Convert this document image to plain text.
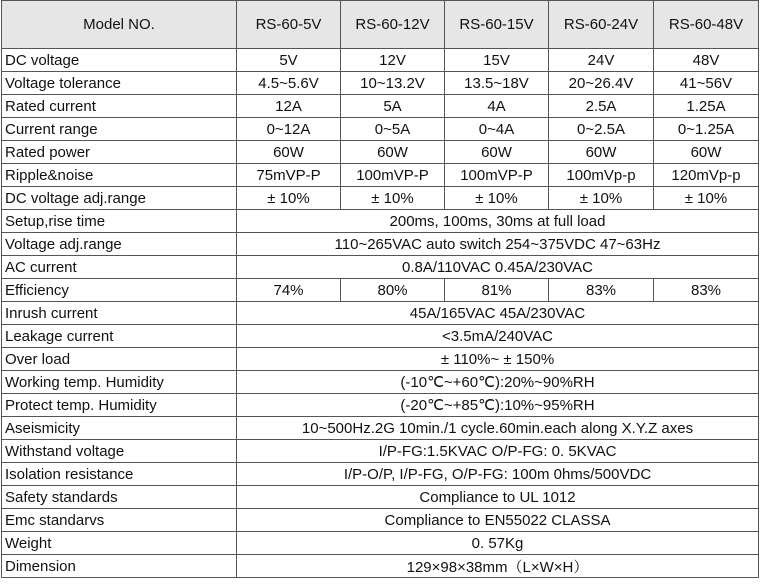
Model NO.	RS-60-5V	RS-60-12V	RS-60-15V	RS-60-24V	RS-60-48V
DC voltage	5V	12V	15V	24V	48V
Voltage tolerance	4.5~5.6V	10~13.2V	13.5~18V	20~26.4V	41~56V
Rated current	12A	5A	4A	2.5A	1.25A
Current range	0~12A	0~5A	0~4A	0~2.5A	0~1.25A
Rated power	60W	60W	60W	60W	60W
Ripple&noise	75mVP-P	100mVP-P	100mVP-P	100mVp-p	120mVp-p
DC voltage adj.range	± 10%	± 10%	± 10%	± 10%	± 10%
Setup,rise time	200ms, 100ms, 30ms at full load				
Voltage adj.range	110~265VAC auto switch 254~375VDC 47~63Hz				
AC current	0.8A/110VAC 0.45A/230VAC				
Efficiency	74%	80%	81%	83%	83%
Inrush current	45A/165VAC 45A/230VAC				
Leakage current	<3.5mA/240VAC				
Over load	± 110%~ ± 150%				
Working temp. Humidity	(-10℃~+60℃):20%~90%RH				
Protect temp. Humidity	(-20℃~+85℃):10%~95%RH				
Aseismicity	10~500Hz.2G 10min./1 cycle.60min.each along X.Y.Z axes				
Withstand voltage	I/P-FG:1.5KVAC O/P-FG: 0. 5KVAC				
Isolation resistance	I/P-O/P, I/P-FG, O/P-FG: 100m 0hms/500VDC				
Safety standards	Compliance to UL 1012				
Emc standarvs	Compliance to EN55022 CLASSA				
Weight	0. 57Kg				
Dimension	129×98×38mm（L×W×H）				
